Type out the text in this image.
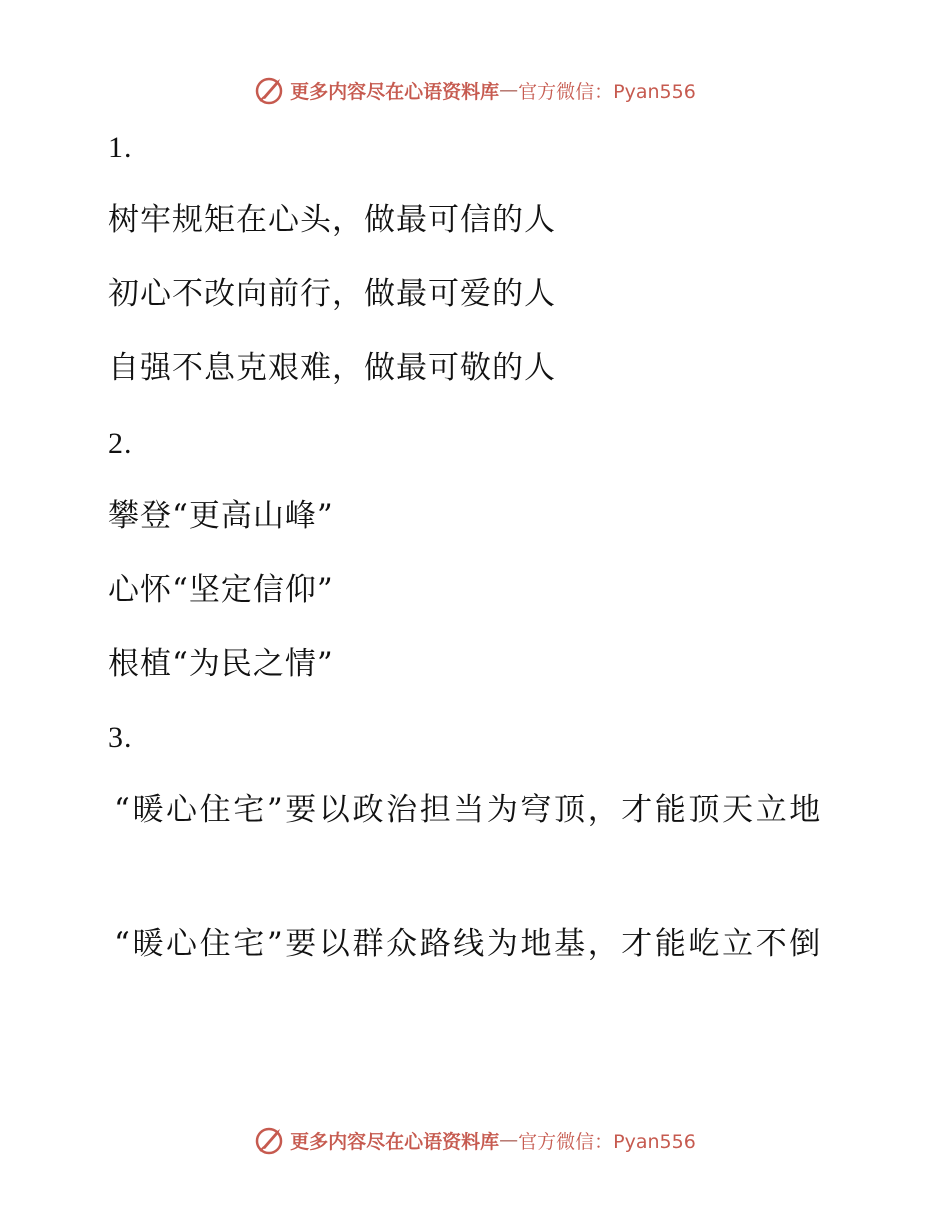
更多内容尽在心语资料库 — 官方微信：Pyan556
1.
树牢规矩在心头，做最可信的人
初心不改向前行，做最可爱的人
自强不息克艰难，做最可敬的人
2.
攀登“更高山峰”
心怀“坚定信仰”
根植“为民之情”
3.
“暖心住宅”要以政治担当为穹顶，才能顶天立地
“暖心住宅”要以群众路线为地基，才能屹立不倒
更多内容尽在心语资料库 — 官方微信：Pyan556
